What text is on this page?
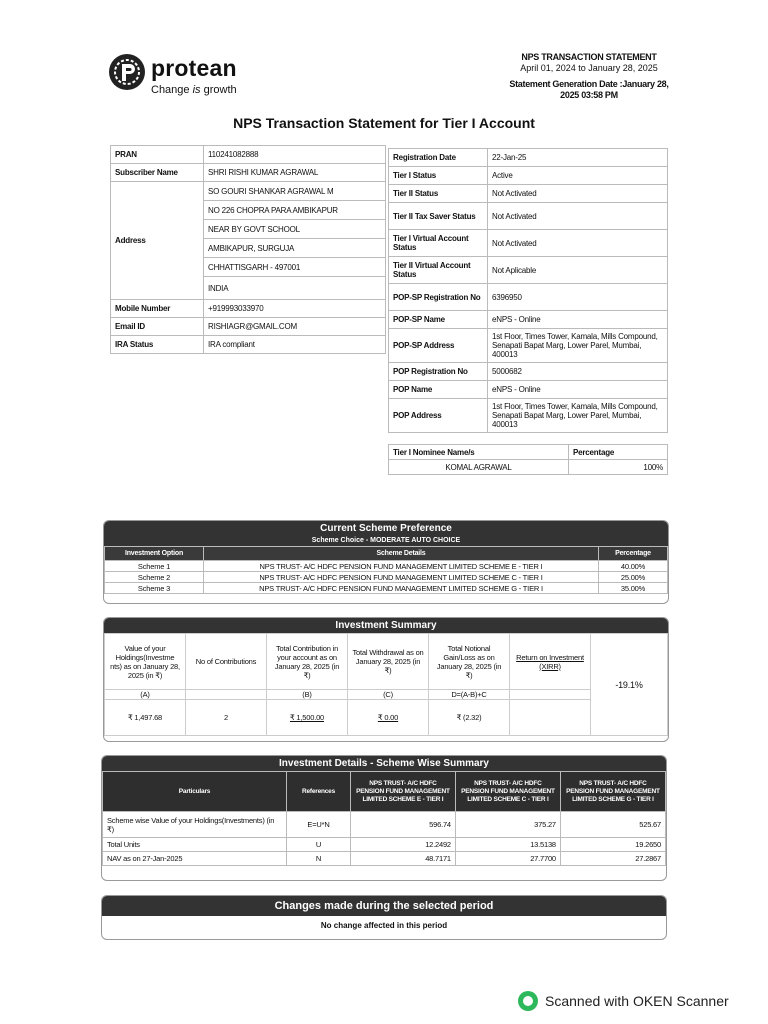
protean
Change is growth
NPS TRANSACTION STATEMENT
April 01, 2024 to January 28, 2025
Statement Generation Date :January 28,
2025 03:58 PM
NPS Transaction Statement for Tier I Account
PRAN	110241082888
Subscriber Name	SHRI RISHI KUMAR AGRAWAL
Address	SO GOURI SHANKAR AGRAWAL M
	NO 226 CHOPRA PARA AMBIKAPUR
	NEAR BY GOVT SCHOOL
	AMBIKAPUR, SURGUJA
	CHHATTISGARH - 497001
	INDIA
Mobile Number	+919993033970
Email ID	RISHIAGR@GMAIL.COM
IRA Status	IRA compliant
Registration Date	22-Jan-25
Tier I Status	Active
Tier II Status	Not Activated
Tier II Tax Saver Status	Not Activated
Tier I Virtual Account Status	Not Activated
Tier II Virtual Account Status	Not Aplicable
POP-SP Registration No	6396950
POP-SP Name	eNPS - Online
POP-SP Address	1st Floor, Times Tower, Kamala, Mills Compound, Senapati Bapat Marg, Lower Parel, Mumbai, 400013
POP Registration No	5000682
POP Name	eNPS - Online
POP Address	1st Floor, Times Tower, Kamala, Mills Compound, Senapati Bapat Marg, Lower Parel, Mumbai, 400013
Tier I Nominee Name/s	Percentage
KOMAL AGRAWAL	100%
Current Scheme Preference
Scheme Choice - MODERATE AUTO CHOICE
Investment Option	Scheme Details	Percentage
Scheme 1	NPS TRUST- A/C HDFC PENSION FUND MANAGEMENT LIMITED SCHEME E - TIER I	40.00%
Scheme 2	NPS TRUST- A/C HDFC PENSION FUND MANAGEMENT LIMITED SCHEME C - TIER I	25.00%
Scheme 3	NPS TRUST- A/C HDFC PENSION FUND MANAGEMENT LIMITED SCHEME G - TIER I	35.00%
Investment Summary
Value of your Holdings(Investme nts) as on January 28, 2025 (in ₹)	No of Contributions	Total Contribution in your account as on January 28, 2025 (in ₹)	Total Withdrawal as on January 28, 2025 (in ₹)	Total Notional Gain/Loss as on January 28, 2025 (in ₹)	Return on Investment (XIRR)	-19.1%
(A)		(B)	(C)	D=(A-B)+C		
₹ 1,497.68	2	₹ 1,500.00	₹ 0.00	₹ (2.32)		
Investment Details - Scheme Wise Summary
Particulars	References	NPS TRUST- A/C HDFC PENSION FUND MANAGEMENT LIMITED SCHEME E - TIER I	NPS TRUST- A/C HDFC PENSION FUND MANAGEMENT LIMITED SCHEME C - TIER I	NPS TRUST- A/C HDFC PENSION FUND MANAGEMENT LIMITED SCHEME G - TIER I
Scheme wise Value of your Holdings(Investments) (in ₹)	E=U*N	596.74	375.27	525.67
Total Units	U	12.2492	13.5138	19.2650
NAV as on 27-Jan-2025	N	48.7171	27.7700	27.2867
Changes made during the selected period
No change affected in this period
Scanned with OKEN Scanner
